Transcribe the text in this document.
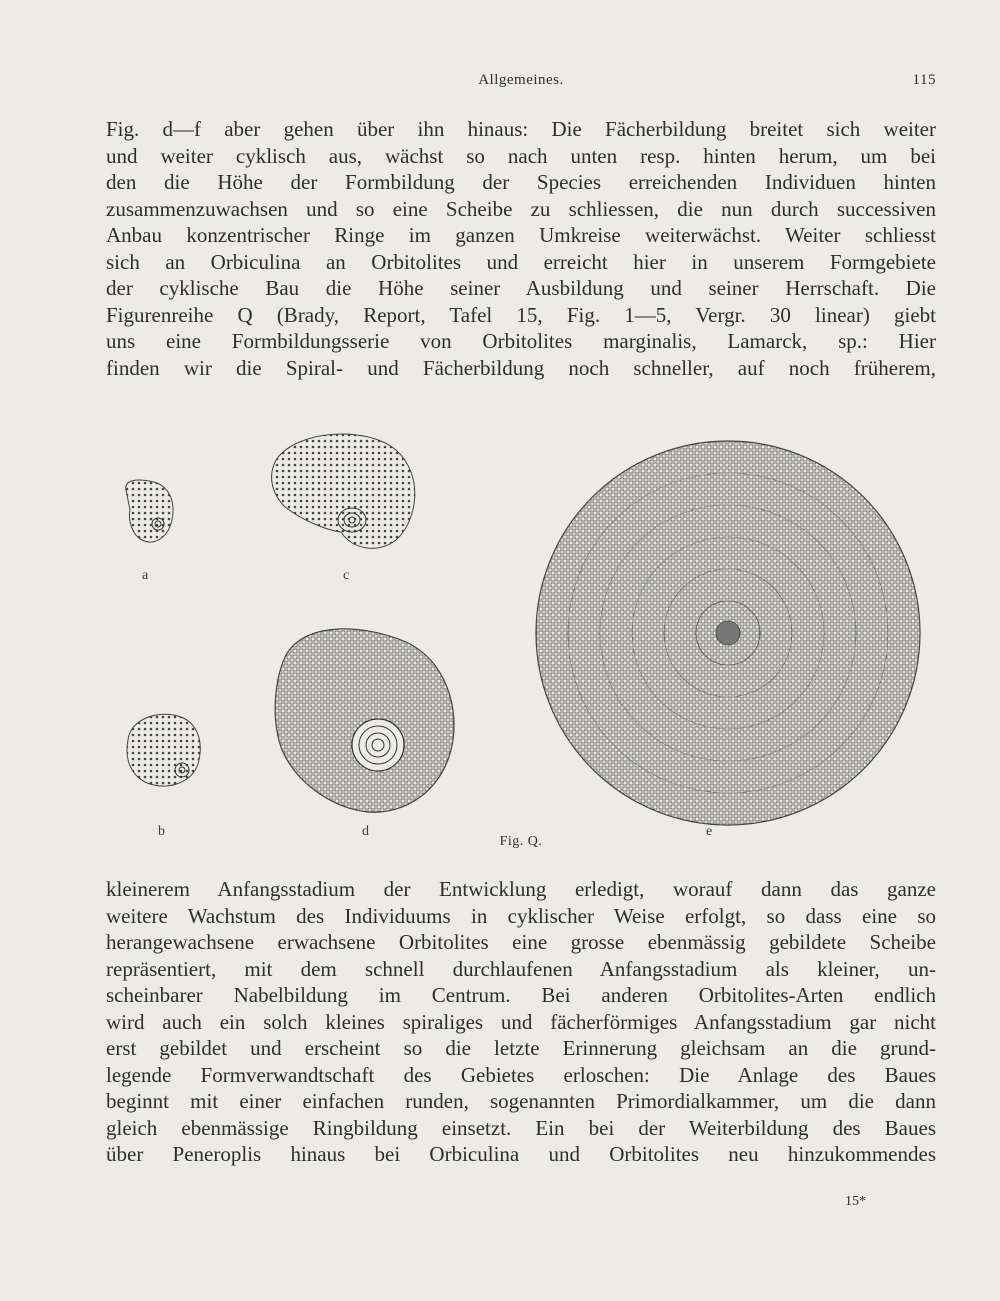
Allgemeines.	115
Fig. d—f aber gehen über ihn hinaus: Die Fächerbildung breitet sich weiter
und weiter cyklisch aus, wächst so nach unten resp. hinten herum, um bei
den die Höhe der Formbildung der Species erreichenden Individuen hinten
zusammenzuwachsen und so eine Scheibe zu schliessen, die nun durch successiven
Anbau konzentrischer Ringe im ganzen Umkreise weiterwächst. Weiter schliesst
sich an Orbiculina an Orbitolites und erreicht hier in unserem Formgebiete
der cyklische Bau die Höhe seiner Ausbildung und seiner Herrschaft. Die
Figurenreihe Q (Brady, Report, Tafel 15, Fig. 1—5, Vergr. 30 linear) giebt
uns eine Formbildungsserie von Orbitolites marginalis, Lamarck, sp.: Hier
finden wir die Spiral- und Fächerbildung noch schneller, auf noch früherem,
a	c
b	d	e
Fig. Q.
kleinerem Anfangsstadium der Entwicklung erledigt, worauf dann das ganze
weitere Wachstum des Individuums in cyklischer Weise erfolgt, so dass eine so
herangewachsene erwachsene Orbitolites eine grosse ebenmässig gebildete Scheibe
repräsentiert, mit dem schnell durchlaufenen Anfangsstadium als kleiner, un-
scheinbarer Nabelbildung im Centrum. Bei anderen Orbitolites-Arten endlich
wird auch ein solch kleines spiraliges und fächerförmiges Anfangsstadium gar nicht
erst gebildet und erscheint so die letzte Erinnerung gleichsam an die grund-
legende Formverwandtschaft des Gebietes erloschen: Die Anlage des Baues
beginnt mit einer einfachen runden, sogenannten Primordialkammer, um die dann
gleich ebenmässige Ringbildung einsetzt. Ein bei der Weiterbildung des Baues
über Peneroplis hinaus bei Orbiculina und Orbitolites neu hinzukommendes
15*
